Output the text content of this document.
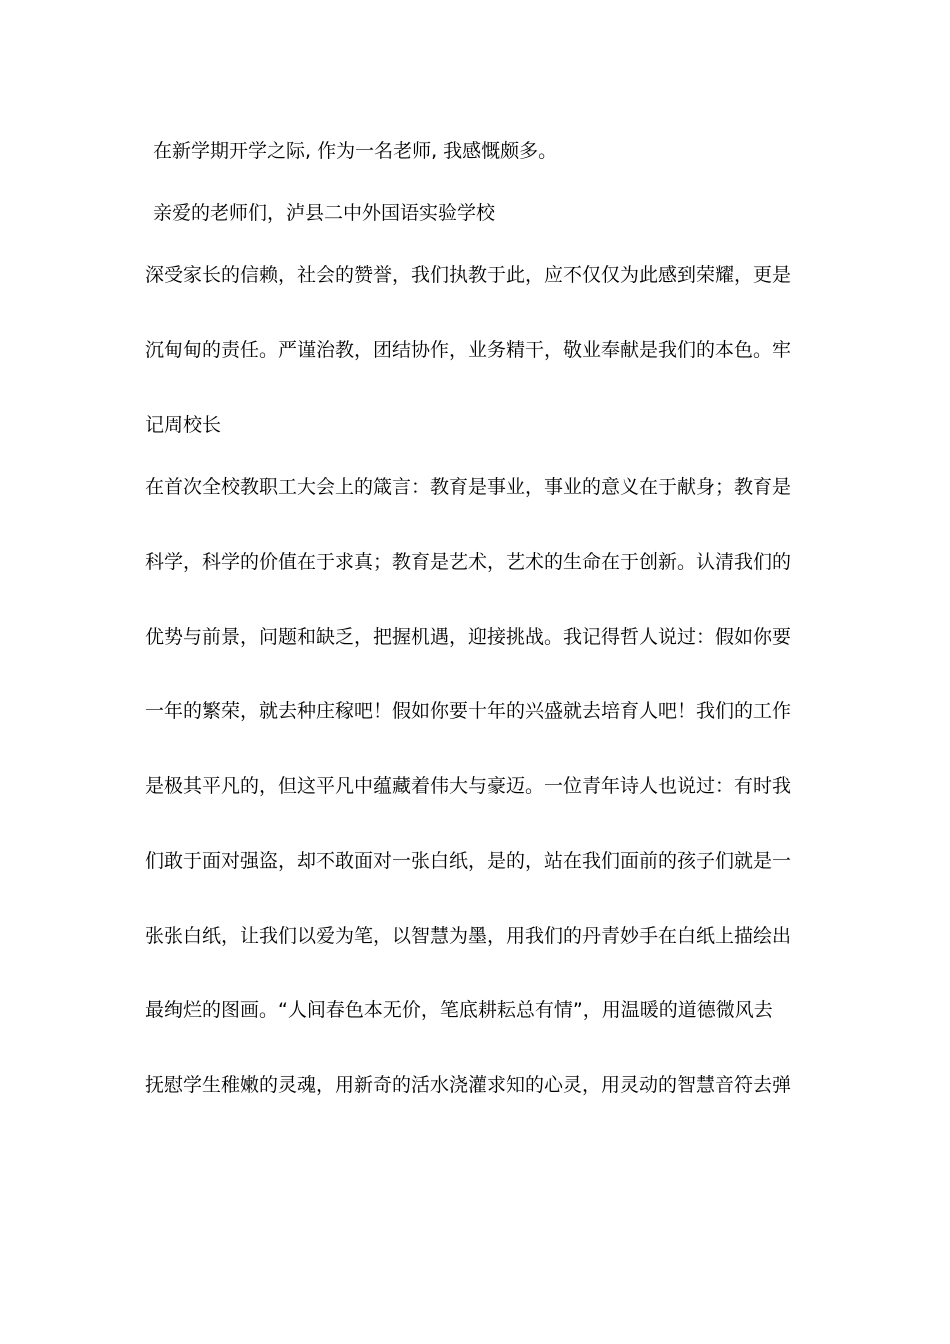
在新学期开学之际, 作为一名老师, 我感慨颇多。
亲爱的老师们，泸县二中外国语实验学校
深受家长的信赖，社会的赞誉，我们执教于此，应不仅仅为此感到荣耀，更是
沉甸甸的责任。严谨治教，团结协作，业务精干，敬业奉献是我们的本色。牢
记周校长
在首次全校教职工大会上的箴言：教育是事业，事业的意义在于献身；教育是
科学，科学的价值在于求真；教育是艺术，艺术的生命在于创新。认清我们的
优势与前景，问题和缺乏，把握机遇，迎接挑战。我记得哲人说过：假如你要
一年的繁荣，就去种庄稼吧！假如你要十年的兴盛就去培育人吧！我们的工作
是极其平凡的，但这平凡中蕴藏着伟大与豪迈。一位青年诗人也说过：有时我
们敢于面对强盗，却不敢面对一张白纸，是的，站在我们面前的孩子们就是一
张张白纸，让我们以爱为笔，以智慧为墨，用我们的丹青妙手在白纸上描绘出
最绚烂的图画。“人间春色本无价，笔底耕耘总有情”，用温暖的道德微风去
抚慰学生稚嫩的灵魂，用新奇的活水浇灌求知的心灵，用灵动的智慧音符去弹
